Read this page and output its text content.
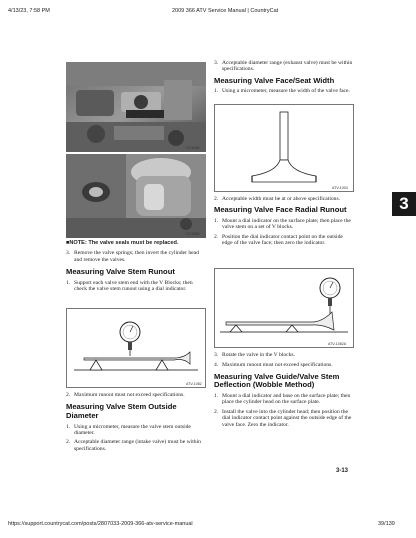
4/13/23, 7:58 PM	2009 366 ATV Service Manual | CountryCat
CC104D
CC106D

■NOTE: The valve seals must be replaced.

3. Remove the valve springs; then invert the cylinder head and remove the valves.

Measuring Valve Stem Runout

1. Support each valve stem end with the V Blocks; then check the valve stem runout using a dial indicator.
ATV-1082
2. Maximum runout must not exceed specifications.

Measuring Valve Stem Outside Diameter

1. Using a micrometer, measure the valve stem outside diameter.
2. Acceptable diameter range (intake valve) must be within specifications.
3. Acceptable diameter range (exhaust valve) must be within specifications.

Measuring Valve Face/Seat Width

1. Using a micrometer, measure the width of the valve face.
ATV-1004
2. Acceptable width must be at or above specifications.

Measuring Valve Face Radial Runout

1. Mount a dial indicator on the surface plate; then place the valve stem on a set of V blocks.
2. Position the dial indicator contact point on the outside edge of the valve face; then zero the indicator.
ATV-1082A
3. Rotate the valve in the V blocks.
4. Maximum runout must not exceed specifications.

Measuring Valve Guide/Valve Stem Deflection (Wobble Method)

1. Mount a dial indicator and base on the surface plate; then place the cylinder head on the surface plate.
2. Install the valve into the cylinder head; then position the dial indicator contact point against the outside edge of the valve face. Zero the indicator.
3
3-13
https://support.countrycat.com/posts/2807033-2009-366-atv-service-manual	39/139
